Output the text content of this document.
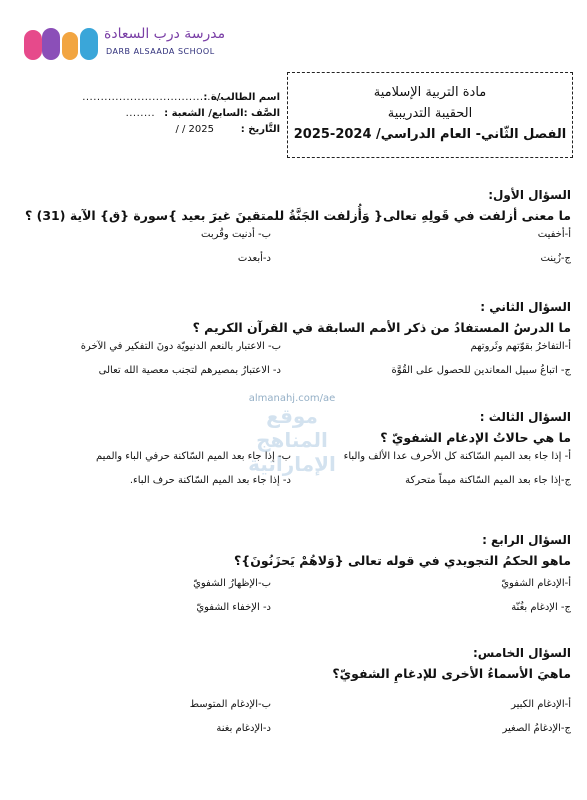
مدرسة درب السعادة
DARB ALSAADA SCHOOL
مادة التربية الإسلامية
الحقيبة التدريبية
الفصل الثّاني- العام الدراسي/ 2024-2025
اسم الطالب/ة :
......................................
الصَّف :السابع/ الشعبة :
........
التَّاريخ :
/ / 2025
almanahj.com/ae
موقع المناهج الإماراتية
السؤال الأول:
ما معنى أزلفت في قَولِهِ تعالى{ وَأُزلفت الجَنَّةُ للمتقينَ غيرَ بعيد }سورة {ق} الآية (31) ؟
أ-أخفيت
ب- أدنيت وقُربت
ج-زُينت
د-أبعدت
السؤال الثاني :
ما الدرسُ المستفادُ من ذكر الأمم السابقة في القرآن الكريم ؟
أ-التفاخرُ بقوّتهم وثَروتهم
ب- الاعتبار بالنعم الدنيويّة دونَ التفكير في الآخرة
ج- اتباعُ سبيل المعاندين للحصول على القُوَّة
د- الاعتبارُ بمصيرهم لتجنب معصية الله تعالى
السؤال الثالث :
ما هي حالاتُ الإدغام الشفويّ ؟
أ- إذا جاء بعد الميم السّاكنة كل الأحرف عدا الألف والباء
ب- إذا جاء بعد الميم السّاكنة حرفي الباء والميم
ج-إذا جاء بعد الميم السّاكنة ميماً متحركة
د- إذا جاء بعد الميم السّاكنة حرف الباء.
السؤال الرابع :
ماهو الحكمُ التجويدي في قوله تعالى {وَلاهُمْ يَحزَنُونَ}؟
أ-الإدغام الشفويّ
ب-الإظهارُ الشفويّ
ج- الإدغام بغُنّة
د- الإخفاء الشفويّ
السؤال الخامس:
ماهيَ الأسماءُ الأخرى للإدغامِ الشفويّ؟
أ-الإدغام الكبير
ب-الإدغام المتوسط
ج-الإدغامُ الصغير
د-الإدغام بغنة
